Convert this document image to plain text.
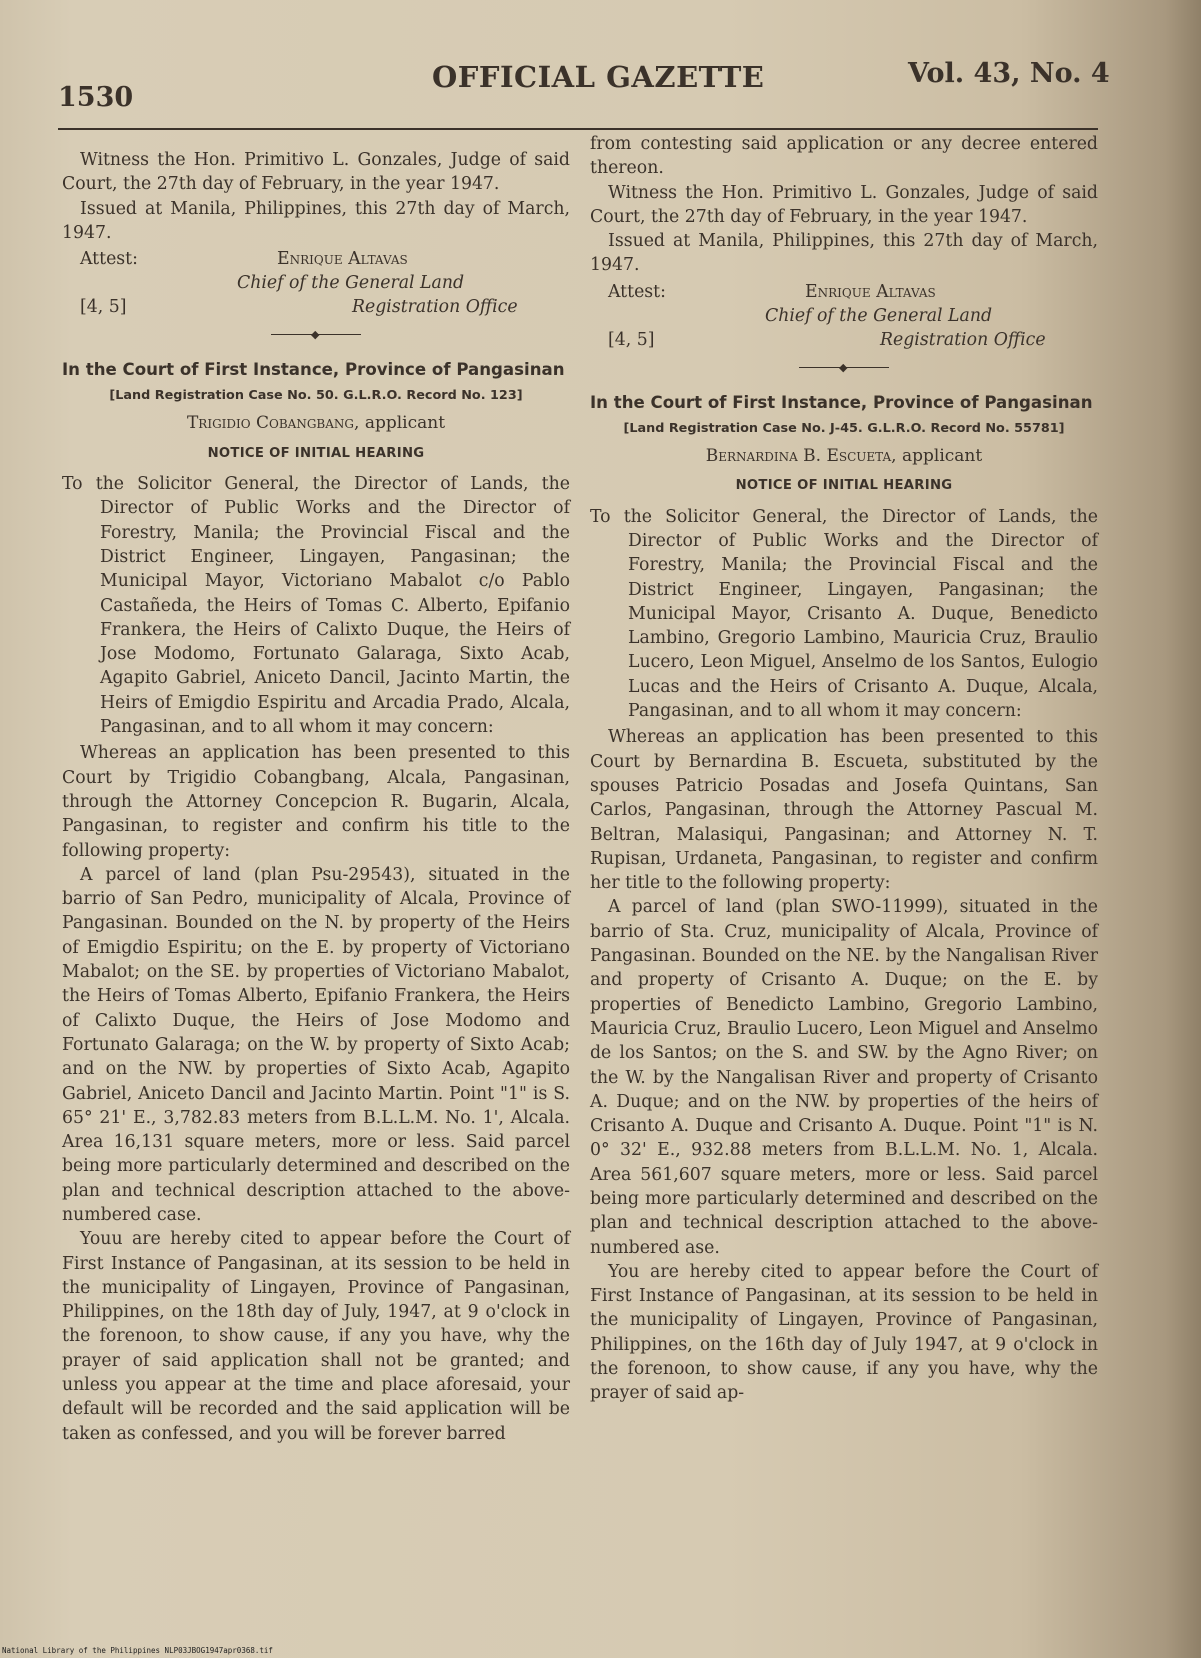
1530
OFFICIAL GAZETTE	Vol. 43, No. 4

Witness the Hon. Primitivo L. Gonzales, Judge of said Court, the 27th day of February, in the year 1947.

Issued at Manila, Philippines, this 27th day of March, 1947.

Attest:	Enrique Altavas
Chief of the General Land
[4, 5]	Registration Office
◆
In the Court of First Instance, Province of Pangasinan
[Land Registration Case No. 50. G.L.R.O. Record No. 123]
Trigidio Cobangbang, applicant
NOTICE OF INITIAL HEARING

To the Solicitor General, the Director of Lands, the Director of Public Works and the Director of Forestry, Manila; the Provincial Fiscal and the District Engineer, Lingayen, Pangasinan; the Municipal Mayor, Victoriano Mabalot c/o Pablo Castañeda, the Heirs of Tomas C. Alberto, Epifanio Frankera, the Heirs of Calixto Duque, the Heirs of Jose Modomo, Fortunato Galaraga, Sixto Acab, Agapito Gabriel, Aniceto Dancil, Jacinto Martin, the Heirs of Emigdio Espiritu and Arcadia Prado, Alcala, Pangasinan, and to all whom it may concern:

Whereas an application has been presented to this Court by Trigidio Cobangbang, Alcala, Pangasinan, through the Attorney Concepcion R. Bugarin, Alcala, Pangasinan, to register and confirm his title to the following property:

A parcel of land (plan Psu-29543), situated in the barrio of San Pedro, municipality of Alcala, Province of Pangasinan. Bounded on the N. by property of the Heirs of Emigdio Espiritu; on the E. by property of Victoriano Mabalot; on the SE. by properties of Victoriano Mabalot, the Heirs of Tomas Alberto, Epifanio Frankera, the Heirs of Calixto Duque, the Heirs of Jose Modomo and Fortunato Galaraga; on the W. by property of Sixto Acab; and on the NW. by properties of Sixto Acab, Agapito Gabriel, Aniceto Dancil and Jacinto Martin. Point "1" is S. 65° 21' E., 3,782.83 meters from B.L.L.M. No. 1', Alcala. Area 16,131 square meters, more or less. Said parcel being more particularly determined and described on the plan and technical description attached to the above-numbered case.

Youu are hereby cited to appear before the Court of First Instance of Pangasinan, at its session to be held in the municipality of Lingayen, Province of Pangasinan, Philippines, on the 18th day of July, 1947, at 9 o'clock in the forenoon, to show cause, if any you have, why the prayer of said application shall not be granted; and unless you appear at the time and place aforesaid, your default will be recorded and the said application will be taken as confessed, and you will be forever barred

from contesting said application or any decree entered thereon.

Witness the Hon. Primitivo L. Gonzales, Judge of said Court, the 27th day of February, in the year 1947.

Issued at Manila, Philippines, this 27th day of March, 1947.

Attest:	Enrique Altavas
Chief of the General Land
[4, 5]	Registration Office
◆
In the Court of First Instance, Province of Pangasinan
[Land Registration Case No. J-45. G.L.R.O. Record No. 55781]
Bernardina B. Escueta, applicant
NOTICE OF INITIAL HEARING

To the Solicitor General, the Director of Lands, the Director of Public Works and the Director of Forestry, Manila; the Provincial Fiscal and the District Engineer, Lingayen, Pangasinan; the Municipal Mayor, Crisanto A. Duque, Benedicto Lambino, Gregorio Lambino, Mauricia Cruz, Braulio Lucero, Leon Miguel, Anselmo de los Santos, Eulogio Lucas and the Heirs of Crisanto A. Duque, Alcala, Pangasinan, and to all whom it may concern:

Whereas an application has been presented to this Court by Bernardina B. Escueta, substituted by the spouses Patricio Posadas and Josefa Quintans, San Carlos, Pangasinan, through the Attorney Pascual M. Beltran, Malasiqui, Pangasinan; and Attorney N. T. Rupisan, Urdaneta, Pangasinan, to register and confirm her title to the following property:

A parcel of land (plan SWO-11999), situated in the barrio of Sta. Cruz, municipality of Alcala, Province of Pangasinan. Bounded on the NE. by the Nangalisan River and property of Crisanto A. Duque; on the E. by properties of Benedicto Lambino, Gregorio Lambino, Mauricia Cruz, Braulio Lucero, Leon Miguel and Anselmo de los Santos; on the S. and SW. by the Agno River; on the W. by the Nangalisan River and property of Crisanto A. Duque; and on the NW. by properties of the heirs of Crisanto A. Duque and Crisanto A. Duque. Point "1" is N. 0° 32' E., 932.88 meters from B.L.L.M. No. 1, Alcala. Area 561,607 square meters, more or less. Said parcel being more particularly determined and described on the plan and technical description attached to the above-numbered ase.

You are hereby cited to appear before the Court of First Instance of Pangasinan, at its session to be held in the municipality of Lingayen, Province of Pangasinan, Philippines, on the 16th day of July 1947, at 9 o'clock in the forenoon, to show cause, if any you have, why the prayer of said ap-

National Library of the Philippines NLP03JBOG1947apr0368.tif
